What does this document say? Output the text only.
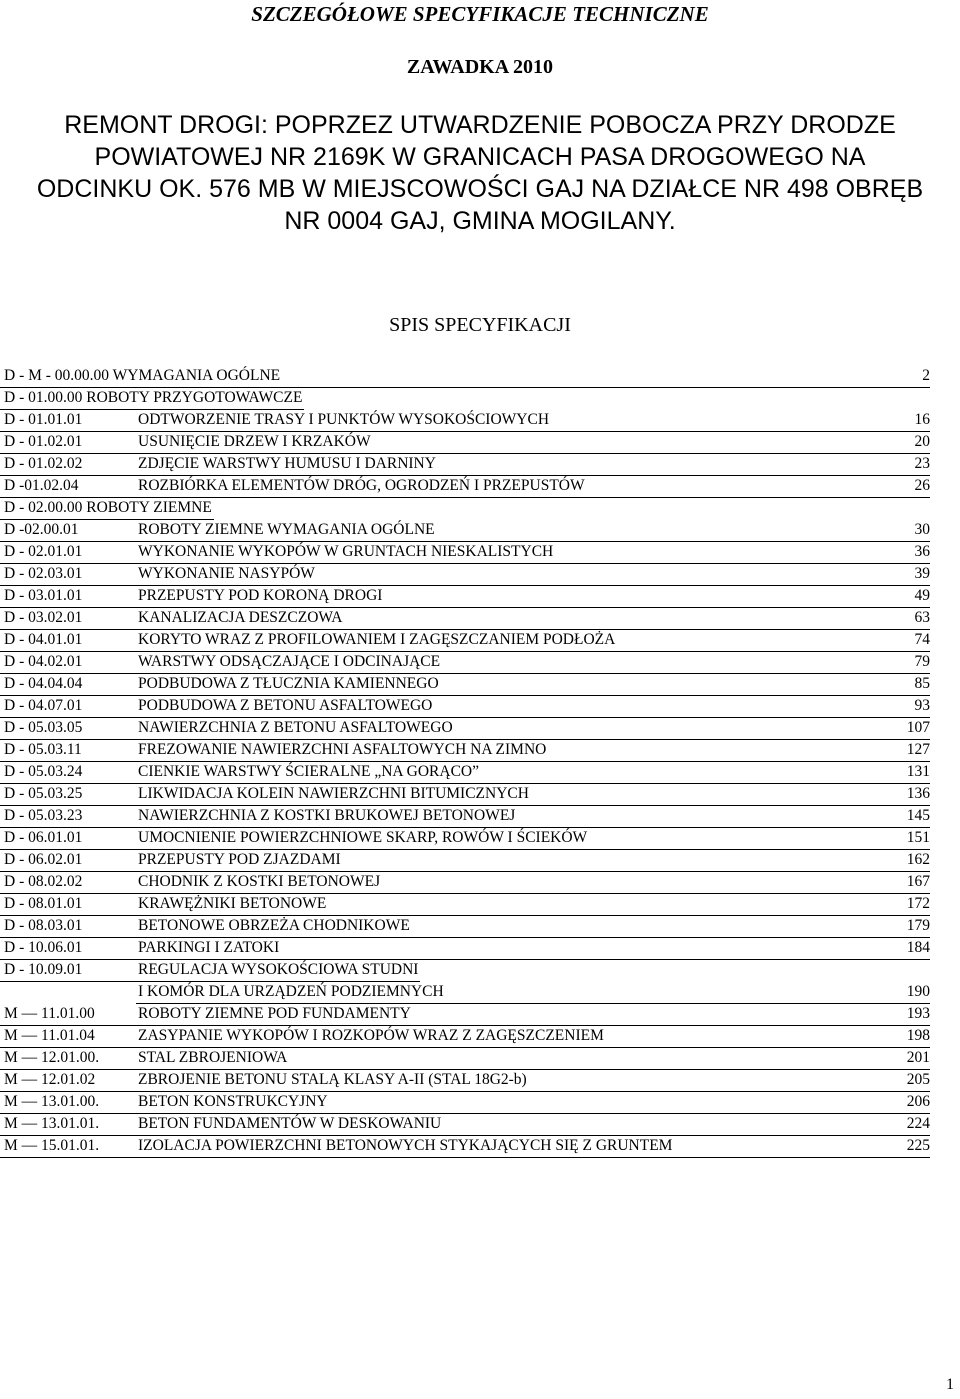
SZCZEGÓŁOWE SPECYFIKACJE TECHNICZNE
ZAWADKA 2010
REMONT DROGI: POPRZEZ UTWARDZENIE POBOCZA PRZY DRODZE
POWIATOWEJ NR 2169K W GRANICACH PASA DROGOWEGO NA
ODCINKU OK. 576 MB W MIEJSCOWOŚCI GAJ NA DZIAŁCE NR 498 OBRĘB
NR 0004 GAJ, GMINA MOGILANY.
SPIS SPECYFIKACJI
D - M - 00.00.00 WYMAGANIA OGÓLNE	2
D - 01.00.00 ROBOTY PRZYGOTOWAWCZE
D - 01.01.01	ODTWORZENIE TRASY I PUNKTÓW WYSOKOŚCIOWYCH	16
D - 01.02.01	USUNIĘCIE DRZEW I KRZAKÓW	20
D - 01.02.02	ZDJĘCIE WARSTWY HUMUSU I DARNINY	23
D -01.02.04	ROZBIÓRKA ELEMENTÓW DRÓG, OGRODZEŃ I PRZEPUSTÓW	26
D - 02.00.00 ROBOTY ZIEMNE
D -02.00.01	ROBOTY ZIEMNE WYMAGANIA OGÓLNE	30
D - 02.01.01	WYKONANIE WYKOPÓW W GRUNTACH NIESKALISTYCH	36
D - 02.03.01	WYKONANIE NASYPÓW	39
D - 03.01.01	PRZEPUSTY POD KORONĄ DROGI	49
D - 03.02.01	KANALIZACJA DESZCZOWA	63
D - 04.01.01	KORYTO WRAZ Z PROFILOWANIEM I ZAGĘSZCZANIEM PODŁOŻA	74
D - 04.02.01	WARSTWY ODSĄCZAJĄCE I ODCINAJĄCE	79
D - 04.04.04	PODBUDOWA Z TŁUCZNIA KAMIENNEGO	85
D - 04.07.01	PODBUDOWA Z BETONU ASFALTOWEGO	93
D - 05.03.05	NAWIERZCHNIA Z BETONU ASFALTOWEGO	107
D - 05.03.11	FREZOWANIE NAWIERZCHNI ASFALTOWYCH NA ZIMNO	127
D - 05.03.24	CIENKIE WARSTWY ŚCIERALNE „NA GORĄCO”	131
D - 05.03.25	LIKWIDACJA KOLEIN NAWIERZCHNI BITUMICZNYCH	136
D - 05.03.23	NAWIERZCHNIA Z KOSTKI BRUKOWEJ BETONOWEJ	145
D - 06.01.01	UMOCNIENIE POWIERZCHNIOWE SKARP, ROWÓW I ŚCIEKÓW	151
D - 06.02.01	PRZEPUSTY POD ZJAZDAMI	162
D - 08.02.02	CHODNIK Z KOSTKI BETONOWEJ	167
D - 08.01.01	KRAWĘŻNIKI BETONOWE	172
D - 08.03.01	BETONOWE OBRZEŻA CHODNIKOWE	179
D - 10.06.01	PARKINGI I ZATOKI	184
D - 10.09.01	REGULACJA WYSOKOŚCIOWA STUDNI
I KOMÓR DLA URZĄDZEŃ PODZIEMNYCH	190
M — 11.01.00	ROBOTY ZIEMNE POD FUNDAMENTY	193
M — 11.01.04	ZASYPANIE WYKOPÓW I ROZKOPÓW WRAZ Z ZAGĘSZCZENIEM	198
M — 12.01.00.	STAL ZBROJENIOWA	201
M — 12.01.02	ZBROJENIE BETONU STALĄ KLASY A-II (STAL 18G2-b)	205
M — 13.01.00.	BETON KONSTRUKCYJNY	206
M — 13.01.01.	BETON FUNDAMENTÓW W DESKOWANIU	224
M — 15.01.01.	IZOLACJA POWIERZCHNI BETONOWYCH STYKAJĄCYCH SIĘ Z GRUNTEM	225
1
